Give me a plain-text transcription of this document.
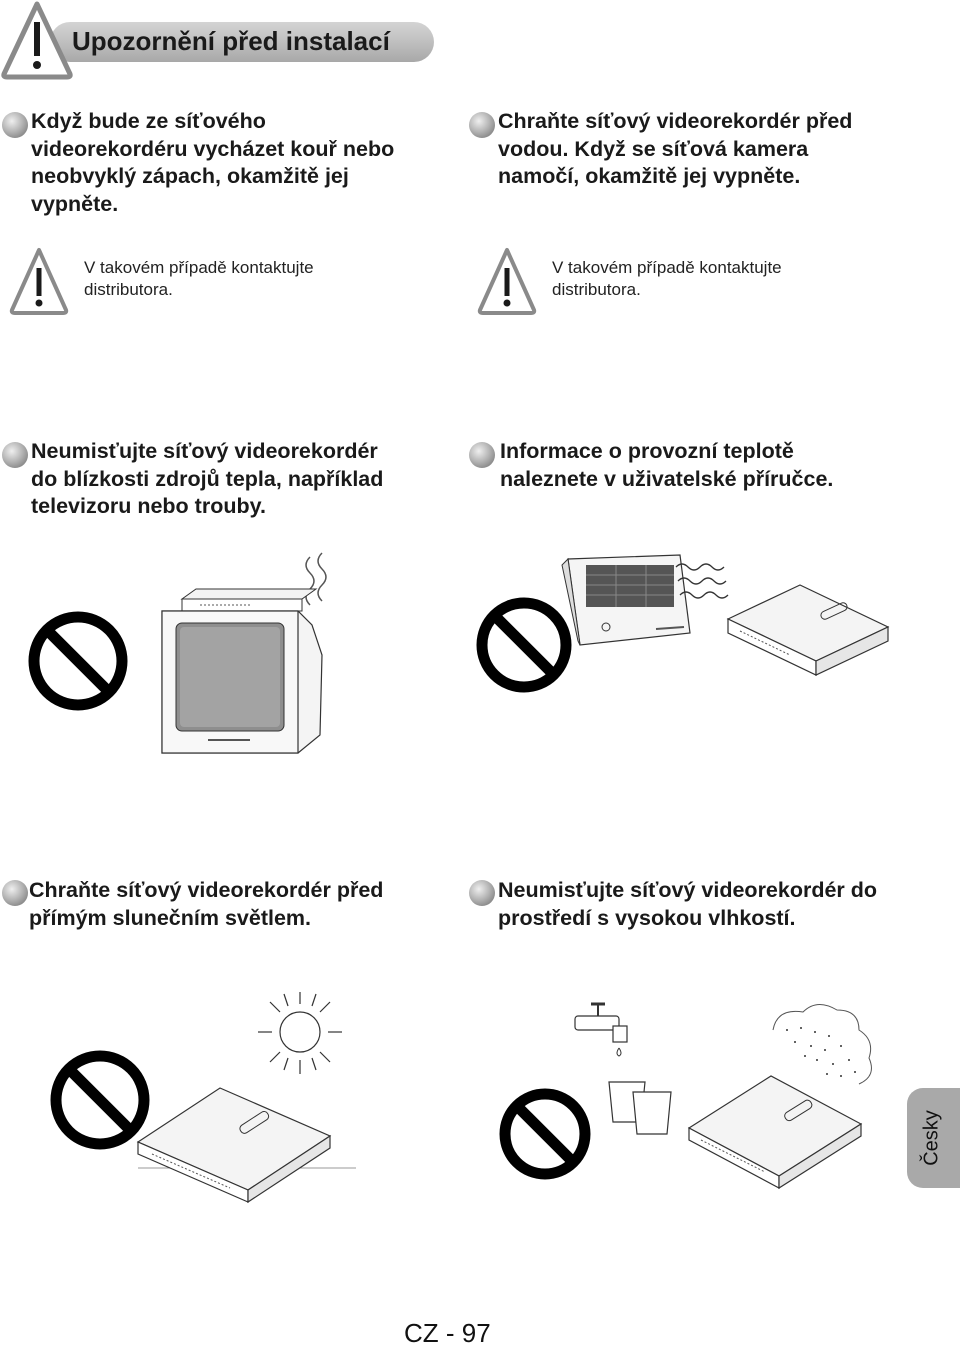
Upozornění před instalací
Když bude ze síťového
videorekordéru vycházet kouř nebo
neobvyklý zápach, okamžitě jej
vypněte.
V takovém případě kontaktujte
distributora.
Chraňte síťový videorekordér před
vodou. Když se síťová kamera
namočí, okamžitě jej vypněte.
V takovém případě kontaktujte
distributora.
Neumisťujte síťový videorekordér
do blízkosti zdrojů tepla, například
televizoru nebo trouby.
Informace o provozní teplotě
naleznete v uživatelské příručce.
Chraňte síťový videorekordér před
přímým slunečním světlem.
Neumisťujte síťový videorekordér do
prostředí s vysokou vlhkostí.
Česky
CZ - 97
